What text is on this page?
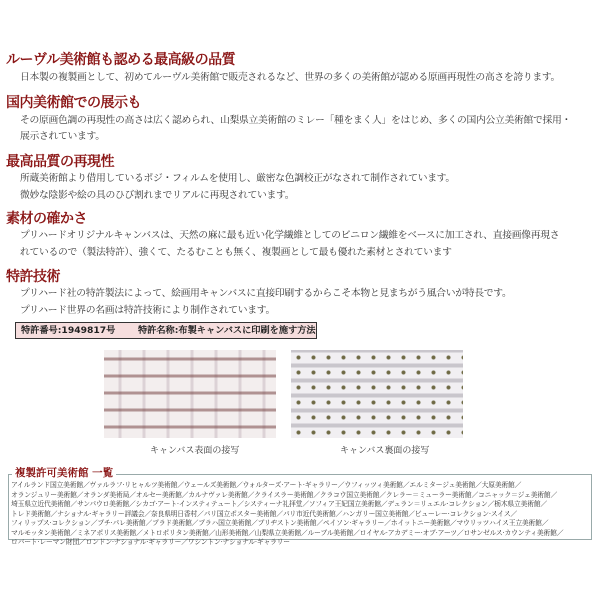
ルーヴル美術館も認める最高級の品質
日本製の複製画として、初めてルーヴル美術館で販売されるなど、世界の多くの美術館が認める原画再現性の高さを誇ります。
国内美術館での展示も
その原画色調の再現性の高さは広く認められ、山梨県立美術館のミレー「種をまく人」をはじめ、多くの国内公立美術館で採用・
展示されています。
最高品質の再現性
所蔵美術館より借用しているポジ・フィルムを使用し、厳密な色調校正がなされて制作されています。
微妙な陰影や絵の具のひび割れまでリアルに再現されています。
素材の確かさ
プリハードオリジナルキャンバスは、天然の麻に最も近い化学繊維としてのビニロン繊維をベースに加工され、直接画像再現さ
れているので（製法特許）、強くて、たるむことも無く、複製画として最も優れた素材とされています
特許技術
プリハード社の特許製法によって、絵画用キャンバスに直接印刷するからこそ本物と見まちがう風合いが特長です。
プリハード世界の名画は特許技術により制作されています。
特許番号:1949817号 特許名称:布製キャンバスに印刷を施す方法
キャンバス表面の接写	キャンバス裏面の接写
複製許可美術館 一覧
アイルランド国立美術館／ヴァルラフ·リヒャルツ美術館／ウェールズ美術館／ウォルターズ·アート·ギャラリー／ウフィッツィ美術館／エルミタージュ美術館／大原美術館／
オランジュリー美術館／オランダ美術局／オルセー美術館／カルナヴァレ美術館／クライスラー美術館／クラコウ国立美術館／クレラー＝ミューラー美術館／コニャック＝ジェ美術館／
埼玉県立近代美術館／サンパウロ美術館／シカゴ·アート·インスティテュート／システィーナ礼拝堂／ソフィア王妃国立美術館／デュラン＝リュエル·コレクション／栃木県立美術館／
トレド美術館／ナショナル·ギャラリー評議会／奈良県明日香村／パリ国立ポスター美術館／パリ市近代美術館／ハンガリー国立美術館／ビューレー·コレクション·スイス／
フィリップス·コレクション／プチ·パレ美術館／プラド美術館／プラハ国立美術館／ブリヂストン美術館／ペイソン·ギャラリー／ホイットニー美術館／マウリッツハイス王立美術館／
マルモッタン美術館／ミネアポリス美術館／メトロポリタン美術館／山形美術館／山梨県立美術館／ルーブル美術館／ロイヤル·アカデミー·オブ·アーツ／ロサンゼルス·カウンティ美術館／
ロバート·レーマン財団／ロンドン·ナショナル·ギャラリー／ワシントン·ナショナル·ギャラリー
